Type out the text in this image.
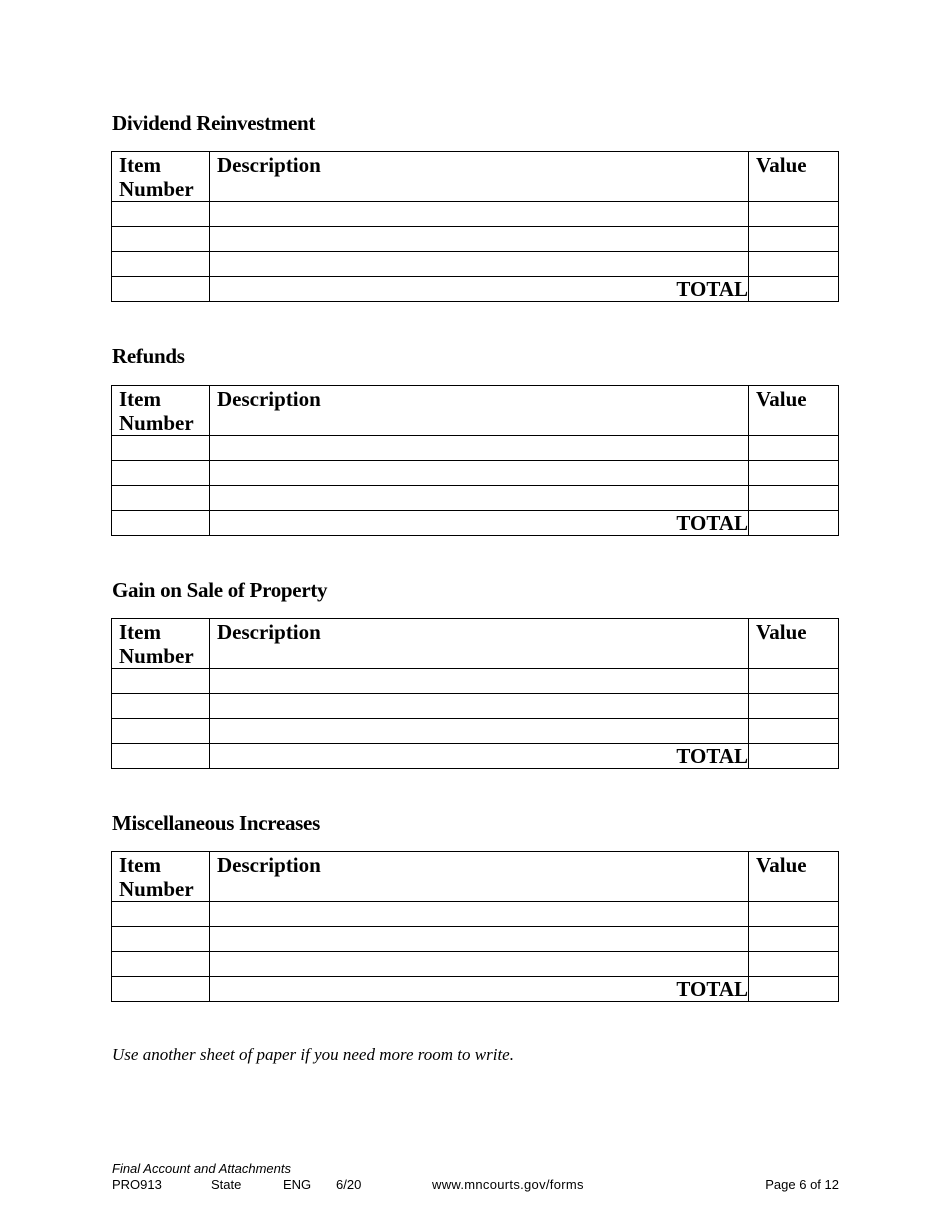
Dividend Reinvestment
Item
Number	Description	Value

	TOTAL	
Refunds
Item
Number	Description	Value

	TOTAL	
Gain on Sale of Property
Item
Number	Description	Value

	TOTAL	
Miscellaneous Increases
Item
Number	Description	Value

	TOTAL	

Use another sheet of paper if you need more room to write.

Final Account and Attachments
PRO913	State	ENG 6/20	www.mncourts.gov/forms	Page 6 of 12
